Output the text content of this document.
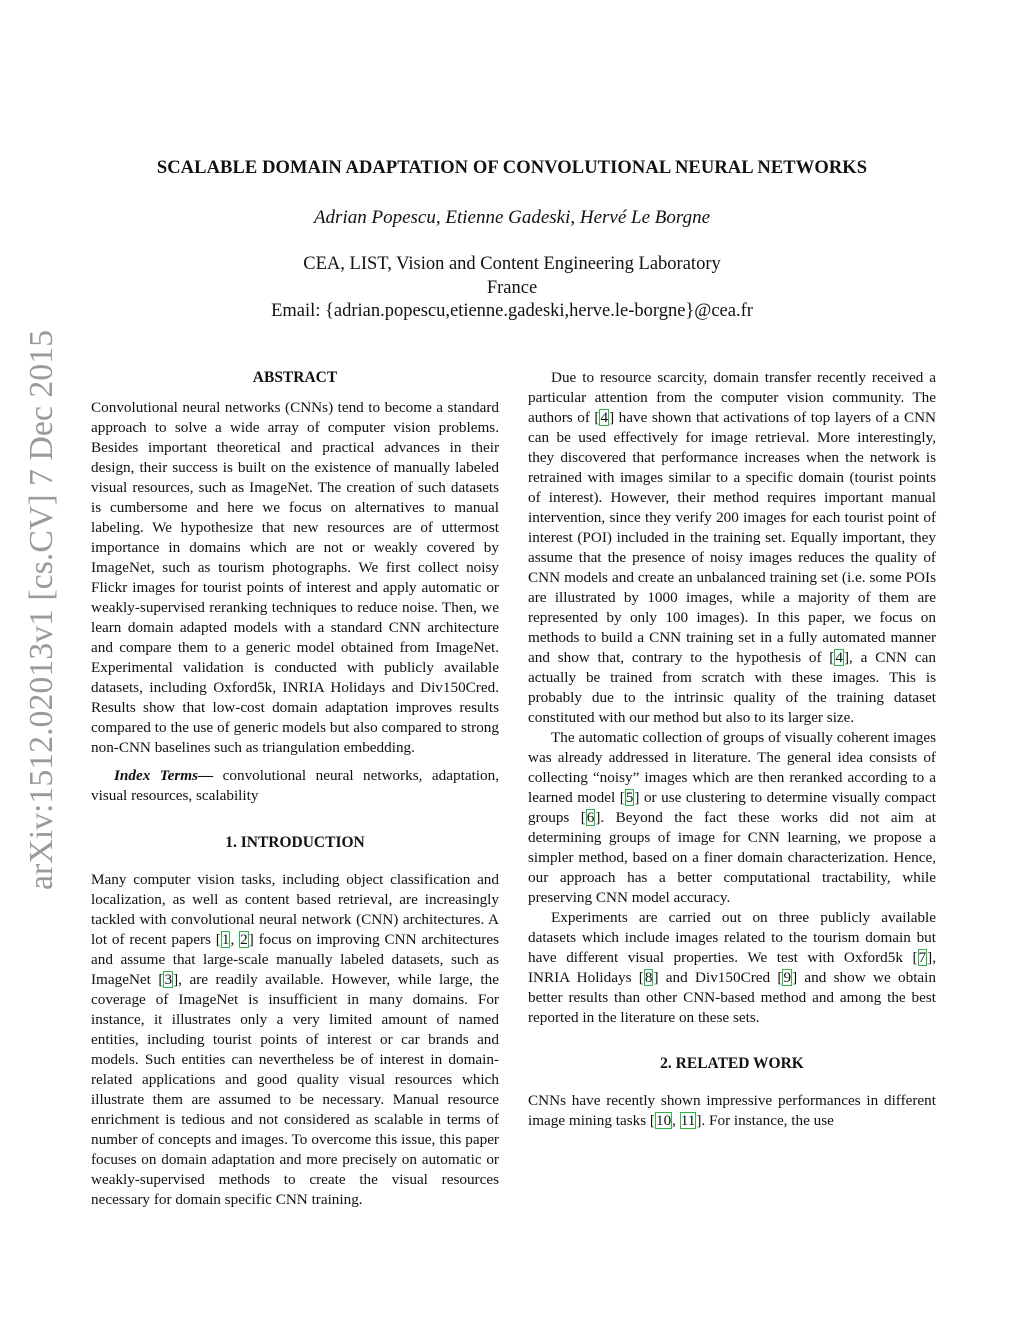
arXiv:1512.02013v1 [cs.CV] 7 Dec 2015
SCALABLE DOMAIN ADAPTATION OF CONVOLUTIONAL NEURAL NETWORKS
Adrian Popescu, Etienne Gadeski, Hervé Le Borgne
CEA, LIST, Vision and Content Engineering Laboratory
France
Email: {adrian.popescu,etienne.gadeski,herve.le-borgne}@cea.fr
ABSTRACT

Convolutional neural networks (CNNs) tend to become a standard approach to solve a wide array of computer vision problems. Besides important theoretical and practical advances in their design, their success is built on the existence of manually labeled visual resources, such as ImageNet. The creation of such datasets is cumbersome and here we focus on alternatives to manual labeling. We hypothesize that new resources are of uttermost importance in domains which are not or weakly covered by ImageNet, such as tourism photographs. We first collect noisy Flickr images for tourist points of interest and apply automatic or weakly-supervised reranking techniques to reduce noise. Then, we learn domain adapted models with a standard CNN architecture and compare them to a generic model obtained from ImageNet. Experimental validation is conducted with publicly available datasets, including Oxford5k, INRIA Holidays and Div150Cred. Results show that low-cost domain adaptation improves results compared to the use of generic models but also compared to strong non-CNN baselines such as triangulation embedding.

Index Terms— convolutional neural networks, adaptation, visual resources, scalability

1. INTRODUCTION

Many computer vision tasks, including object classification and localization, as well as content based retrieval, are increasingly tackled with convolutional neural network (CNN) architectures. A lot of recent papers [1, 2] focus on improving CNN architectures and assume that large-scale manually labeled datasets, such as ImageNet [3], are readily available. However, while large, the coverage of ImageNet is insufficient in many domains. For instance, it illustrates only a very limited amount of named entities, including tourist points of interest or car brands and models. Such entities can nevertheless be of interest in domain-related applications and good quality visual resources which illustrate them are assumed to be necessary. Manual resource enrichment is tedious and not considered as scalable in terms of number of concepts and images. To overcome this issue, this paper focuses on domain adaptation and more precisely on automatic or weakly-supervised methods to create the visual resources necessary for domain specific CNN training.

Due to resource scarcity, domain transfer recently received a particular attention from the computer vision community. The authors of [4] have shown that activations of top layers of a CNN can be used effectively for image retrieval. More interestingly, they discovered that performance increases when the network is retrained with images similar to a specific domain (tourist points of interest). However, their method requires important manual intervention, since they verify 200 images for each tourist point of interest (POI) included in the training set. Equally important, they assume that the presence of noisy images reduces the quality of CNN models and create an unbalanced training set (i.e. some POIs are illustrated by 1000 images, while a majority of them are represented by only 100 images). In this paper, we focus on methods to build a CNN training set in a fully automated manner and show that, contrary to the hypothesis of [4], a CNN can actually be trained from scratch with these images. This is probably due to the intrinsic quality of the training dataset constituted with our method but also to its larger size.

The automatic collection of groups of visually coherent images was already addressed in literature. The general idea consists of collecting “noisy” images which are then reranked according to a learned model [5] or use clustering to determine visually compact groups [6]. Beyond the fact these works did not aim at determining groups of image for CNN learning, we propose a simpler method, based on a finer domain characterization. Hence, our approach has a better computational tractability, while preserving CNN model accuracy.

Experiments are carried out on three publicly available datasets which include images related to the tourism domain but have different visual properties. We test with Oxford5k [7], INRIA Holidays [8] and Div150Cred [9] and show we obtain better results than other CNN-based method and among the best reported in the literature on these sets.

2. RELATED WORK

CNNs have recently shown impressive performances in different image mining tasks [10, 11]. For instance, the use
